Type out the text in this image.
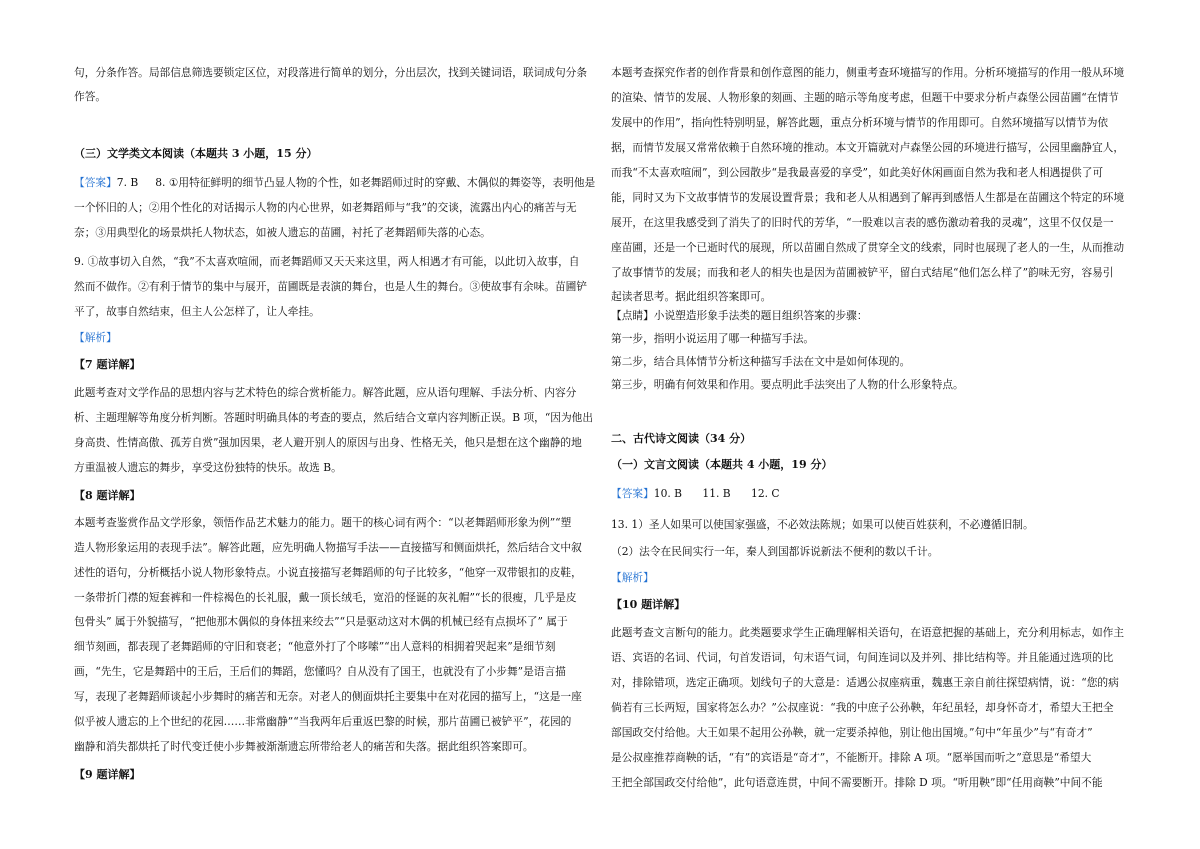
句，分条作答。局部信息筛选要锁定区位，对段落进行简单的划分，分出层次，找到关键词语，联词成句分条
作答。
（三）文学类文本阅读（本题共 3 小题，15 分）
【答案】7. B 8. ①用特征鲜明的细节凸显人物的个性，如老舞蹈师过时的穿戴、木偶似的舞姿等，表明他是
一个怀旧的人；②用个性化的对话揭示人物的内心世界，如老舞蹈师与“我”的交谈，流露出内心的痛苦与无
奈；③用典型化的场景烘托人物状态，如被人遗忘的苗圃，衬托了老舞蹈师失落的心态。
9. ①故事切入自然，“我”不太喜欢喧闹，而老舞蹈师又天天来这里，两人相遇才有可能，以此切入故事，自
然而不做作。②有利于情节的集中与展开，苗圃既是表演的舞台，也是人生的舞台。③使故事有余味。苗圃铲
平了，故事自然结束，但主人公怎样了，让人牵挂。
【解析】
【7 题详解】
此题考查对文学作品的思想内容与艺术特色的综合赏析能力。解答此题，应从语句理解、手法分析、内容分
析、主题理解等角度分析判断。答题时明确具体的考查的要点，然后结合文章内容判断正误。B 项，“因为他出
身高贵、性情高傲、孤芳自赏”强加因果，老人避开别人的原因与出身、性格无关，他只是想在这个幽静的地
方重温被人遗忘的舞步，享受这份独特的快乐。故选 B。
【8 题详解】
本题考查鉴赏作品文学形象，领悟作品艺术魅力的能力。题干的核心词有两个：“以老舞蹈师形象为例”“塑
造人物形象运用的表现手法”。解答此题，应先明确人物描写手法——直接描写和侧面烘托，然后结合文中叙
述性的语句，分析概括小说人物形象特点。小说直接描写老舞蹈师的句子比较多，“他穿一双带银扣的皮鞋，
一条带折门襟的短套裤和一件棕褐色的长礼服，戴一顶长绒毛，宽沿的怪诞的灰礼帽”“长的很瘦，几乎是皮
包骨头” 属于外貌描写，“把他那木偶似的身体扭来绞去”“只是驱动这对木偶的机械已经有点损坏了” 属于
细节刻画，都表现了老舞蹈师的守旧和衰老；“他意外打了个哆嗦”“出人意料的相拥着哭起来”是细节刻
画，“先生，它是舞蹈中的王后，王后们的舞蹈，您懂吗？自从没有了国王，也就没有了小步舞”是语言描
写，表现了老舞蹈师谈起小步舞时的痛苦和无奈。对老人的侧面烘托主要集中在对花园的描写上，“这是一座
似乎被人遗忘的上个世纪的花园……非常幽静”“当我两年后重返巴黎的时候，那片苗圃已被铲平”，花园的
幽静和消失都烘托了时代变迁使小步舞被渐渐遗忘所带给老人的痛苦和失落。据此组织答案即可。
【9 题详解】
本题考查探究作者的创作背景和创作意图的能力，侧重考查环境描写的作用。分析环境描写的作用一般从环境
的渲染、情节的发展、人物形象的刻画、主题的暗示等角度考虑，但题干中要求分析卢森堡公园苗圃“在情节
发展中的作用”，指向性特别明显，解答此题，重点分析环境与情节的作用即可。自然环境描写以情节为依
据，而情节发展又常常依赖于自然环境的推动。本文开篇就对卢森堡公园的环境进行描写，公园里幽静宜人，
而我“不太喜欢喧闹”，到公园散步“是我最喜爱的享受”，如此美好休闲画面自然为我和老人相遇提供了可
能，同时又为下文故事情节的发展设置背景；我和老人从相遇到了解再到感悟人生都是在苗圃这个特定的环境
展开，在这里我感受到了消失了的旧时代的芳华，“一股难以言表的感伤激动着我的灵魂”，这里不仅仅是一
座苗圃，还是一个已逝时代的展现，所以苗圃自然成了贯穿全文的线索，同时也展现了老人的一生，从而推动
了故事情节的发展；而我和老人的相失也是因为苗圃被铲平，留白式结尾“他们怎么样了”韵味无穷，容易引
起读者思考。据此组织答案即可。
【点睛】小说塑造形象手法类的题目组织答案的步骤：
第一步，指明小说运用了哪一种描写手法。
第二步，结合具体情节分析这种描写手法在文中是如何体现的。
第三步，明确有何效果和作用。要点明此手法突出了人物的什么形象特点。
二、古代诗文阅读（34 分）
（一）文言文阅读（本题共 4 小题，19 分）
【答案】10. B      11. B      12. C
13. 1）圣人如果可以使国家强盛，不必效法陈规；如果可以使百姓获利，不必遵循旧制。
（2）法令在民间实行一年，秦人到国都诉说新法不便利的数以千计。
【解析】
【10 题详解】
此题考查文言断句的能力。此类题要求学生正确理解相关语句，在语意把握的基础上，充分利用标志，如作主
语、宾语的名词、代词，句首发语词，句末语气词，句间连词以及并列、排比结构等。并且能通过选项的比
对，排除错项，选定正确项。划线句子的大意是：适遇公叔座病重，魏惠王亲自前往探望病情，说：“您的病
倘若有三长两短，国家将怎么办？”公叔座说：“我的中庶子公孙鞅，年纪虽轻，却身怀奇才，希望大王把全
部国政交付给他。大王如果不起用公孙鞅，就一定要杀掉他，别让他出国境。”句中“年虽少”与“有奇才”
是公叔座推荐商鞅的话，“有”的宾语是“奇才”，不能断开。排除 A 项。“愿举国而听之”意思是“希望大
王把全部国政交付给他”，此句语意连贯，中间不需要断开。排除 D 项。“听用鞅”即“任用商鞅”中间不能
